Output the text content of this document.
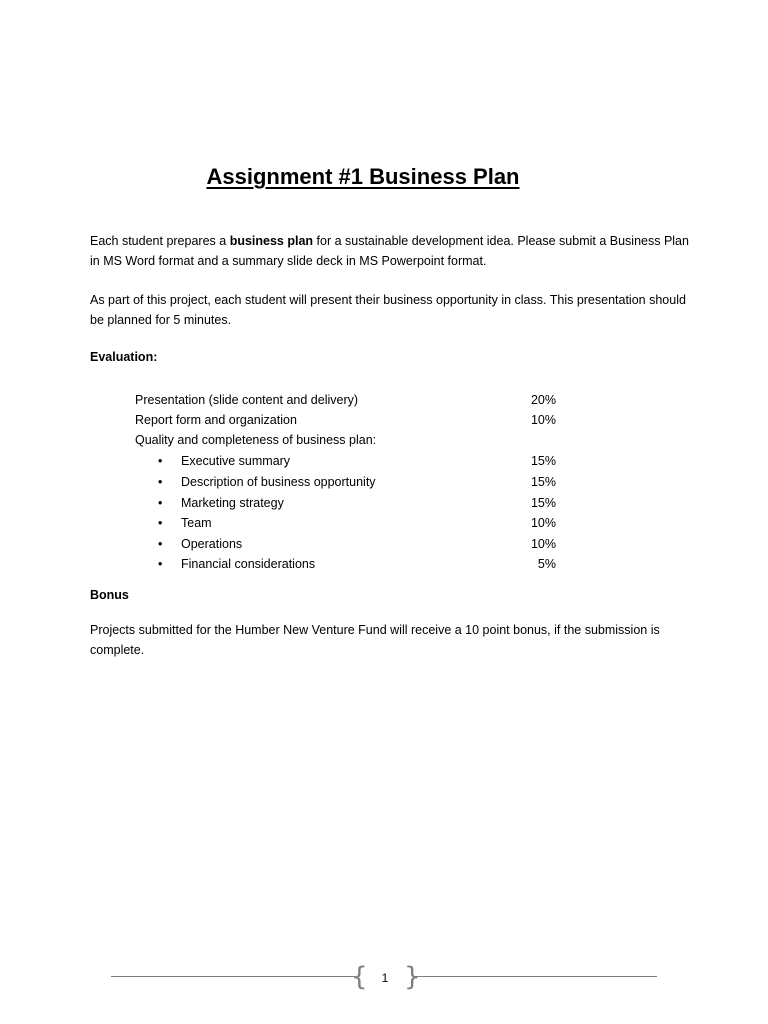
Assignment #1 Business Plan
Each student prepares a business plan for a sustainable development idea. Please submit a Business Plan in MS Word format and a summary slide deck in MS Powerpoint format.
As part of this project, each student will present their business opportunity in class. This presentation should be planned for 5 minutes.
Evaluation:
Presentation (slide content and delivery)	20%
Report form and organization	10%
Quality and completeness of business plan:
• Executive summary	15%
• Description of business opportunity	15%
• Marketing strategy	15%
• Team	10%
• Operations	10%
• Financial considerations	5%
Bonus
Projects submitted for the Humber New Venture Fund will receive a 10 point bonus, if the submission is complete.
{	1 }
